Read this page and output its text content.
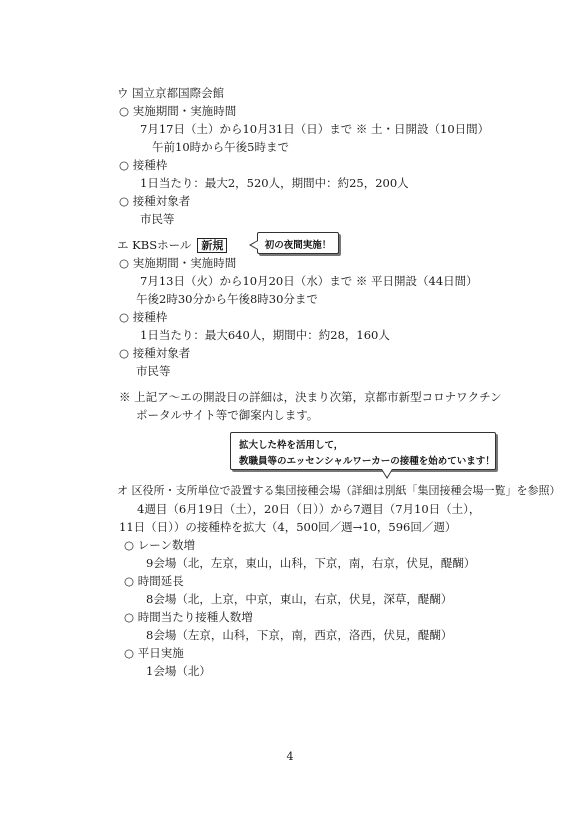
ウ 国立京都国際会館
○ 実施期間・実施時間
7月17日（土）から10月31日（日）まで ※ 土・日開設（10日間）
午前10時から午後5時まで
○ 接種枠
1日当たり：最大2，520人，期間中：約25，200人
○ 接種対象者
市民等
エ KBSホール 新規	初の夜間実施！
○ 実施期間・実施時間
7月13日（火）から10月20日（水）まで ※ 平日開設（44日間）
午後2時30分から午後8時30分まで
○ 接種枠
1日当たり：最大640人，期間中：約28，160人
○ 接種対象者
市民等
※ 上記ア〜エの開設日の詳細は，決まり次第，京都市新型コロナワクチン
ポータルサイト等で御案内します。
拡大した枠を活用して，
教職員等のエッセンシャルワーカーの接種を始めています！
オ 区役所・支所単位で設置する集団接種会場（詳細は別紙「集団接種会場一覧」を参照）
4週目（6月19日（土），20日（日））から7週目（7月10日（土），
11日（日））の接種枠を拡大（4，500回／週→10，596回／週）
○ レーン数増
9会場（北，左京，東山，山科，下京，南，右京，伏見，醍醐）
○ 時間延長
8会場（北，上京，中京，東山，右京，伏見，深草，醍醐）
○ 時間当たり接種人数増
8会場（左京，山科，下京，南，西京，洛西，伏見，醍醐）
○ 平日実施
1会場（北）
4
